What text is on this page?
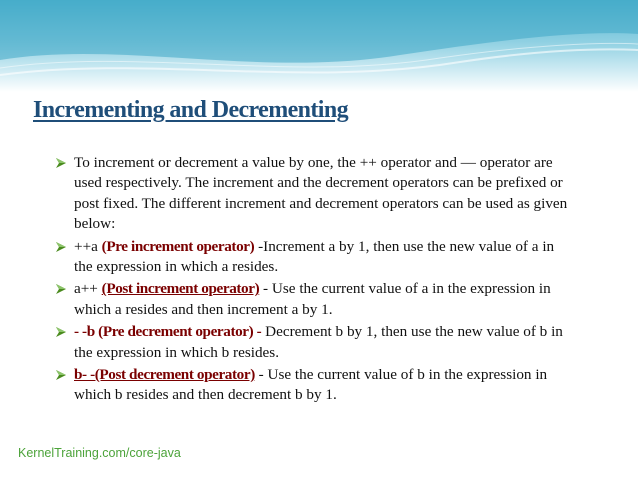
Incrementing and Decrementing
To increment or decrement a value by one, the ++ operator and — operator are used respectively. The increment and the decrement operators can be prefixed or post fixed. The different increment and decrement operators can be used as given below:
++a (Pre increment operator) -Increment a by 1, then use the new value of a in the expression in which a resides.
a++ (Post increment operator) - Use the current value of a in the expression in which a resides and then increment a by 1.
- -b (Pre decrement operator) - Decrement b by 1, then use the new value of b in the expression in which b resides.
b- -(Post decrement operator) - Use the current value of b in the expression in which b resides and then decrement b by 1.
KernelTraining.com/core-java
